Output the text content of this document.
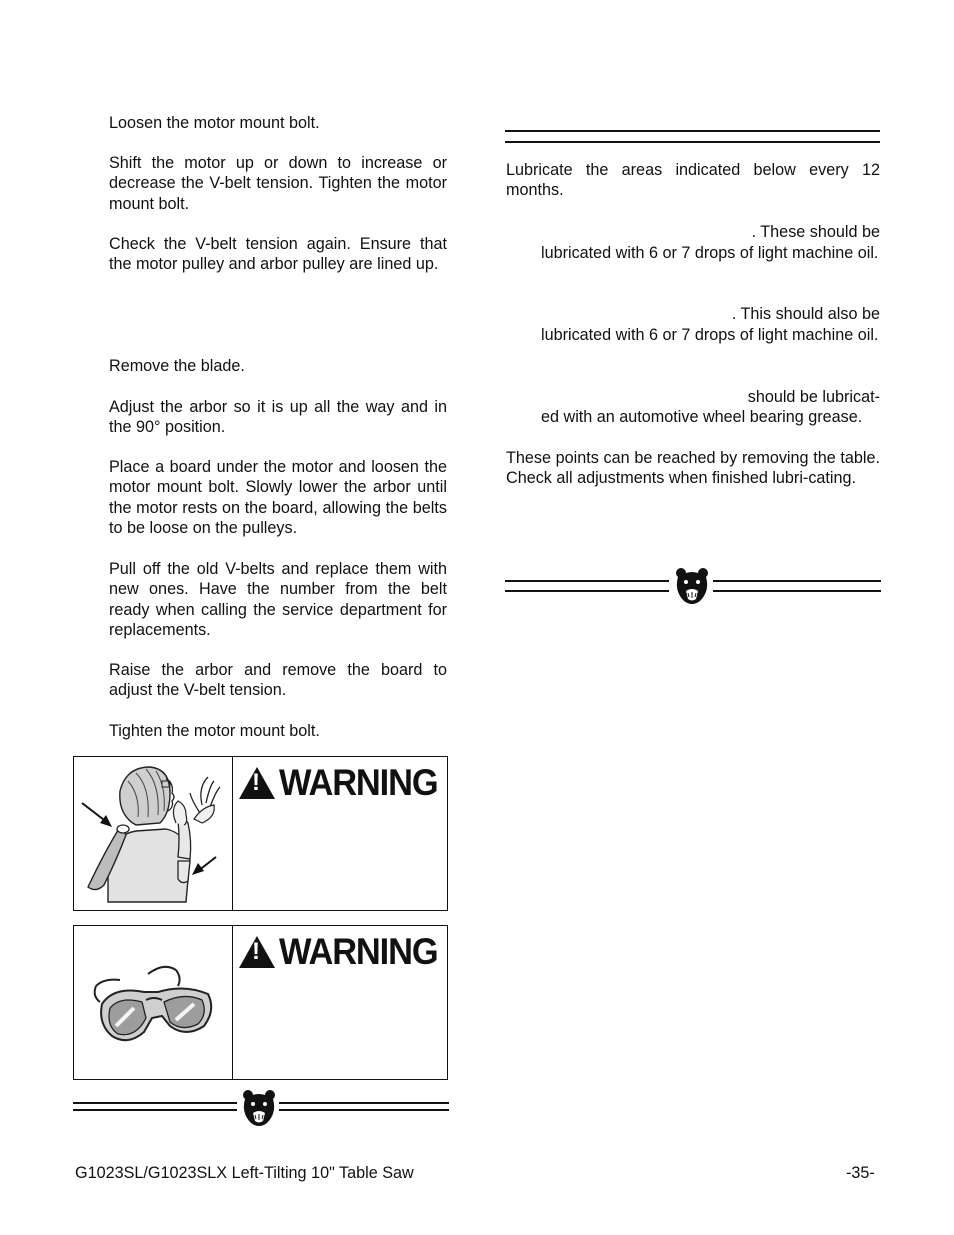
Loosen the motor mount bolt.

Shift the motor up or down to increase or decrease the V-belt tension. Tighten the motor mount bolt.

Check the V-belt tension again. Ensure that the motor pulley and arbor pulley are lined up.

Remove the blade.

Adjust the arbor so it is up all the way and in the 90° position.

Place a board under the motor and loosen the motor mount bolt. Slowly lower the arbor until the motor rests on the board, allowing the belts to be loose on the pulleys.

Pull off the old V-belts and replace them with new ones. Have the number from the belt ready when calling the service department for replacements.

Raise the arbor and remove the board to adjust the V-belt tension.

Tighten the motor mount bolt.

! WARNING
! WARNING

Lubricate the areas indicated below every 12 months.

. These should be

lubricated with 6 or 7 drops of light machine oil.

. This should also be

lubricated with 6 or 7 drops of light machine oil.

should be lubricat-

ed with an automotive wheel bearing grease.

These points can be reached by removing the table. Check all adjustments when finished lubri-cating.

G1023SL/G1023SLX Left-Tilting 10" Table Saw	-35-
